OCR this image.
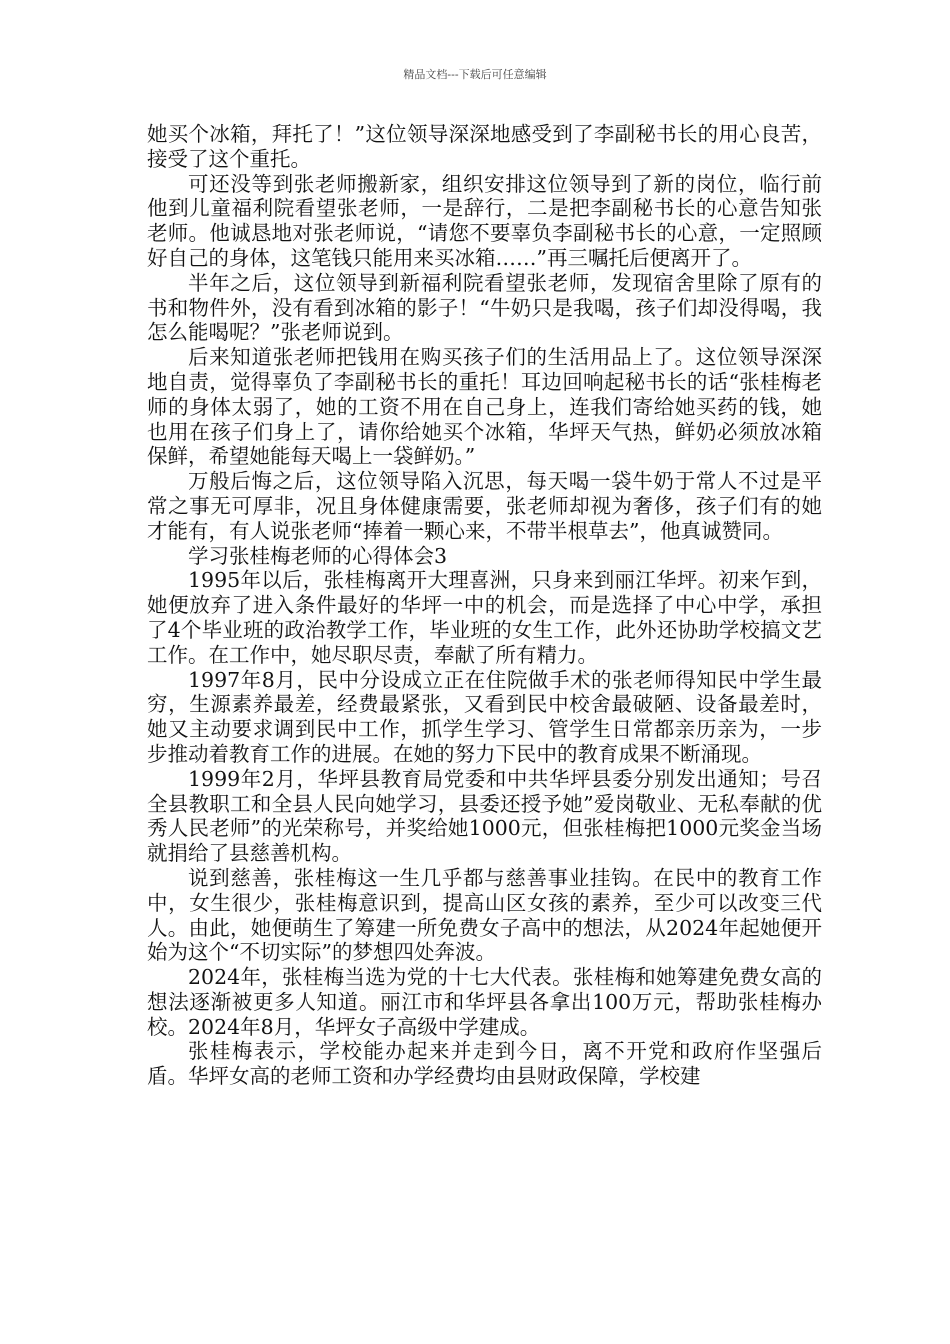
精品文档---下载后可任意编辑

她买个冰箱，拜托了！”这位领导深深地感受到了李副秘书长的用心良苦，接受了这个重托。

可还没等到张老师搬新家，组织安排这位领导到了新的岗位，临行前他到儿童福利院看望张老师，一是辞行，二是把李副秘书长的心意告知张老师。他诚恳地对张老师说，“请您不要辜负李副秘书长的心意，一定照顾好自己的身体，这笔钱只能用来买冰箱……”再三嘱托后便离开了。

半年之后，这位领导到新福利院看望张老师，发现宿舍里除了原有的书和物件外，没有看到冰箱的影子！“牛奶只是我喝，孩子们却没得喝，我怎么能喝呢？”张老师说到。

后来知道张老师把钱用在购买孩子们的生活用品上了。这位领导深深地自责，觉得辜负了李副秘书长的重托！耳边回响起秘书长的话“张桂梅老师的身体太弱了，她的工资不用在自己身上，连我们寄给她买药的钱，她也用在孩子们身上了，请你给她买个冰箱，华坪天气热，鲜奶必须放冰箱保鲜，希望她能每天喝上一袋鲜奶。”

万般后悔之后，这位领导陷入沉思，每天喝一袋牛奶于常人不过是平常之事无可厚非，况且身体健康需要，张老师却视为奢侈，孩子们有的她才能有，有人说张老师“捧着一颗心来，不带半根草去”，他真诚赞同。

学习张桂梅老师的心得体会3

1995年以后，张桂梅离开大理喜洲，只身来到丽江华坪。初来乍到，她便放弃了进入条件最好的华坪一中的机会，而是选择了中心中学，承担了4个毕业班的政治教学工作，毕业班的女生工作，此外还协助学校搞文艺工作。在工作中，她尽职尽责，奉献了所有精力。

1997年8月，民中分设成立正在住院做手术的张老师得知民中学生最穷，生源素养最差，经费最紧张，又看到民中校舍最破陋、设备最差时，她又主动要求调到民中工作，抓学生学习、管学生日常都亲历亲为，一步步推动着教育工作的进展。在她的努力下民中的教育成果不断涌现。

1999年2月，华坪县教育局党委和中共华坪县委分别发出通知；号召全县教职工和全县人民向她学习，县委还授予她”爱岗敬业、无私奉献的优秀人民老师”的光荣称号，并奖给她1000元，但张桂梅把1000元奖金当场就捐给了县慈善机构。

说到慈善，张桂梅这一生几乎都与慈善事业挂钩。在民中的教育工作中，女生很少，张桂梅意识到，提高山区女孩的素养，至少可以改变三代人。由此，她便萌生了筹建一所免费女子高中的想法，从2024年起她便开始为这个“不切实际”的梦想四处奔波。

2024年，张桂梅当选为党的十七大代表。张桂梅和她筹建免费女高的想法逐渐被更多人知道。丽江市和华坪县各拿出100万元，帮助张桂梅办校。2024年8月，华坪女子高级中学建成。

张桂梅表示，学校能办起来并走到今日，离不开党和政府作坚强后盾。华坪女高的老师工资和办学经费均由县财政保障，学校建
